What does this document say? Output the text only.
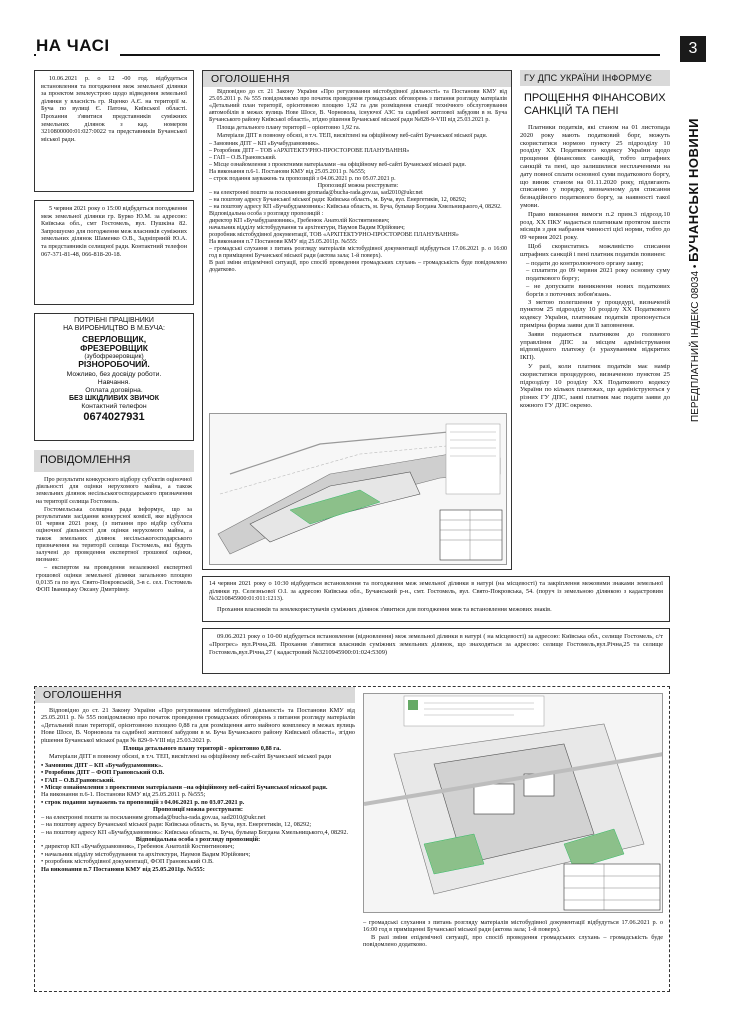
НА ЧАСІ	3
ПЕРЕДПЛАТНИЙ ІНДЕКС 08034 • БУЧАНСЬКІ НОВИНИ
10.06.2021 р. о 12 -00 год. відбудеться встановлення та погодження меж земельної ділянки за проектом землеустрою щодо відведення земельної ділянки у власність гр. Яценко А.Є. на території м. Буча по вулиці Є. Патона, Київської області. Прохання з'явитися представників суміжних земельних ділянок з кад. номером 3210800000:01:027:0022 та представників Бучанської міської ради.
5 червня 2021 року о 15:00 відбудеться погодження меж земельної ділянки гр. Бурко Ю.М. за адресою: Київська обл., смт Гостомель, вул. Пушкіна 82. Запрошуємо для погодження меж власників суміжних земельних ділянок Шаменко О.В., Задніпряній Ю.А. та представників селищної ради. Контактний телефон 067-371-81-48, 066-818-20-18.
ПОТРІБНІ ПРАЦІВНИКИ
НА ВИРОБНИЦТВО В М.БУЧА:
СВЕРЛОВЩИК,
ФРЕЗЕРОВЩИК
(зубофрезеровщик)
РІЗНОРОБОЧИЙ.
Можливо, без досвіду роботи.
Навчання.
Оплата договірна.
БЕЗ ШКІДЛИВИХ ЗВИЧОК
Контактний телефон
0674027931
ПОВІДОМЛЕННЯ

Про результати конкурсного відбору суб'єктів оціночної діяльності для оцінки нерухомого майна, а також земельних ділянок несільськогосподарського призначення на території селища Гостомель.

Гостомельська селищна рада інформує, що за результатами засідання конкурсної комісії, яке відбулося 01 червня 2021 року, (з питання про відбір суб'єкта оціночної діяльності для оцінки нерухомого майна, а також земельних ділянок несільськогосподарського призначення на території селища Гостомель, які будуть залучені до проведення експертної грошової оцінки, визнано:

– експертом на проведення незалежної експертної грошової оцінки земельної ділянки загальною площею 0,0135 га по вул. Свято-Покровській, 3-в с. сел. Гостомель ФОП Іваницьку Оксану Дмитрівну.

ОГОЛОШЕННЯ

Відповідно до ст. 21 Закону України «Про регулювання містобудівної діяльності» та Постанови КМУ від 25.05.2011 р. № 555 повідомляємо про початок проведення громадських обговорень з питання розгляду матеріалів «Детальний план території, орієнтовною площею 1,92 га для розміщення станції технічного обслуговування автомобілів в межах вулиць Нове Шосе, В. Чорновола, існуючої АЗС та садибної житлової забудови в м. Буча Бучанського району Київської області», згідно рішення Бучанської міської ради №828-9-VIII від 25.03.2021 р.

Площа детального плану території – орієнтовно 1,92 га.

Матеріали ДПТ в повному обсязі, в т.ч. ТЕП, висвітлені на офіційному веб-сайті Бучанської міської ради.

– Замовник ДПТ – КП «Бучабудзамовник».
– Розробник ДПТ – ТОВ «АРХІТЕКТУРНО-ПРОСТОРОВЕ ПЛАНУВАННЯ»
– ГАП – О.В.Грановський.
– Місце ознайомлення з проектними матеріалами –на офіційному веб-сайті Бучанської міської ради.
На виконання п.6-1. Постанови КМУ від 25.05.2011 р. №555;
– строк подання зауважень та пропозицій з 04.06.2021 р. по 05.07.2021 р.
Пропозиції можна реєструвати:
– на електронні пошти за посиланням gromada@bucha-rada.gov.ua, sad2010@ukr.net
– на поштову адресу Бучанської міської ради: Київська область, м. Буча, вул. Енергетиків, 12, 08292;
– на поштову адресу КП «Бучабудзамовник»: Київська область, м. Буча, бульвар Богдана Хмельницького,4, 08292.
Відповідальна особа з розгляду пропозицій :
директор КП «Бучабудзамовник», Гребенюк Анатолій Костянтинович;
начальник відділу містобудування та архітектури, Наумов Вадим Юрійович;
розробник містобудівної документації, ТОВ «АРХІТЕКТУРНО-ПРОСТОРОВЕ ПЛАНУВАННЯ»
На виконання п.7 Постанови КМУ від 25.05.2011р. №555:
– громадські слухання з питань розгляду матеріалів містобудівної документації відбудуться 17.06.2021 р. о 16:00 год в приміщенні Бучанської міської ради (актова зала; 1-й поверх).
В разі зміни епідемічної ситуації, про спосіб проведення громадських слухань – громадськість буде повідомлено додатково.
ГУ ДПС УКРАЇНИ ІНФОРМУЄ
ПРОЩЕННЯ ФІНАНСОВИХ САНКЦІЙ ТА ПЕНІ

Платники податків, які станом на 01 листопада 2020 року мають податковий борг, можуть скористатися нормою пункту 25 підрозділу 10 розділу XX Податкового кодексу України щодо прощення фінансових санкцій, тобто штрафних санкцій та пені, що залишилися несплаченими на дату повної сплати основної суми податкового боргу, що виник станом на 01.11.2020 року, підлягають списанню у порядку, визначеному для списання безнадійного податкового боргу, за наявності такої умови.

Право виконання вимоги п.2 прим.3 підрозд.10 розд. XX ПКУ надається платникам протягом шести місяців з дня набрання чинності цієї норми, тобто до 09 червня 2021 року.

Щоб скористатись можливістю списання штрафних санкцій і пені платник податків повинен:

– подати до контролюючого органу заяву;
– сплатити до 09 червня 2021 року основну суму податкового боргу;
– не допускати виникнення нових податкових боргів з поточних зобов'язань.

З метою полегшення у процедурі, визначеній пунктом 25 підрозділу 10 розділу XX Податкового кодексу України, платникам податків пропонується примірна форма заяви для її заповнення.

Заяви подаються платником до головного управління ДПС за місцем адміністрування відповідного платежу (з урахуванням відкритих ІКП).

У разі, коли платник податків має намір скористатися процедурою, визначеною пунктом 25 підрозділу 10 розділу XX Податкового кодексу України по кількох платежах, що адмініструються у різних ГУ ДПС, заяві платник має подати заяви до кожного ГУ ДПС окремо.

14 червня 2021 року о 10:30 відбудеться встановлення та погодження меж земельної ділянки в натурі (на місцевості) та закріплення межовими знаками земельної ділянки гр. Селезньової О.І. за адресою Київська обл., Бучанський р-н., смт. Гостомель, вул. Свято-Покровська, 54. (поруч із земельною ділянкою з кадастровим №3210845900:01:011:1213).
Прохання власників та землекористувачів суміжних ділянок з'явитися для погодження меж та встановлення межових знаків.
09.06.2021 року о 10-00 відбудеться встановлення (відновлення) меж земельної ділянки в натурі ( на місцевості) за адресою: Київська обл., селище Гостомель, с/т «Прогрес» вул.Річна,28. Прохання з'явитися власників суміжних земельних ділянок, що знаходяться за адресою: селище Гостомель,вул.Річна,25 та селище Гостомель,вул.Річна,27 ( кадастровий №3210945900:01:024:5309)
ОГОЛОШЕННЯ

Відповідно до ст. 21 Закону України «Про регулювання містобудівної діяльності» та Постанови КМУ від 25.05.2011 р. № 555 повідомляємо про початок проведення громадських обговорень з питання розгляду матеріалів «Детальний план території, орієнтовною площею 0,88 га для розміщення авто майного комплексу в межах вулиць Нове Шосе, В. Чорновола та садибної житлової забудови в м. Буча Бучанського району Київської області», згідно рішення Бучанської міської ради № 829-9-VIII від 25.03.2021 р.

Площа детального плану території - орієнтовно 0,88 га.

Матеріали ДПТ в повному обсязі, в т.ч. ТЕП, висвітлені на офіційному веб-сайті Бучанської міської ради

• Замовник ДПТ – КП «Бучабудзамовник».
• Розробник ДПТ – ФОП Грановський О.В.
• ГАП – О.В.Грановський.
• Місце ознайомлення з проектними матеріалами –на офіційному веб-сайті Бучанської міської ради.
На виконання п.6-1. Постанови КМУ від 25.05.2011 р. №555;
• строк подання зауважень та пропозицій з 04.06.2021 р. по 03.07.2021 р.
Пропозиції можна реєструвати:
– на електронні пошти за посиланням gromada@bucha-rada.gov.ua, sad2010@ukr.net
– на поштову адресу Бучанської міської ради: Київська область, м. Буча, вул. Енергетиків, 12, 08292;
– на поштову адресу КП «Бучабудзамовник»: Київська область, м. Буча, бульвар Богдана Хмельницького,4, 08292.
Відповідальна особа з розгляду пропозицій:
• директор КП «Бучабудзамовник», Гребенюк Анатолій Костянтинович;
• начальник відділу містобудування та архітектури, Наумов Вадим Юрійович;
• розробник містобудівної документації, ФОП Грановський О.В.
На виконання п.7 Постанови КМУ від 25.05.2011р. №555:
– громадські слухання з питань розгляду матеріалів містобудівної документації відбудуться 17.06.2021 р. о 16:00 год в приміщенні Бучанської міської ради (актова зала; 1-й поверх).

В разі зміни епідемічної ситуації, про спосіб проведення громадських слухань – громадськість буде повідомлено додатково.
